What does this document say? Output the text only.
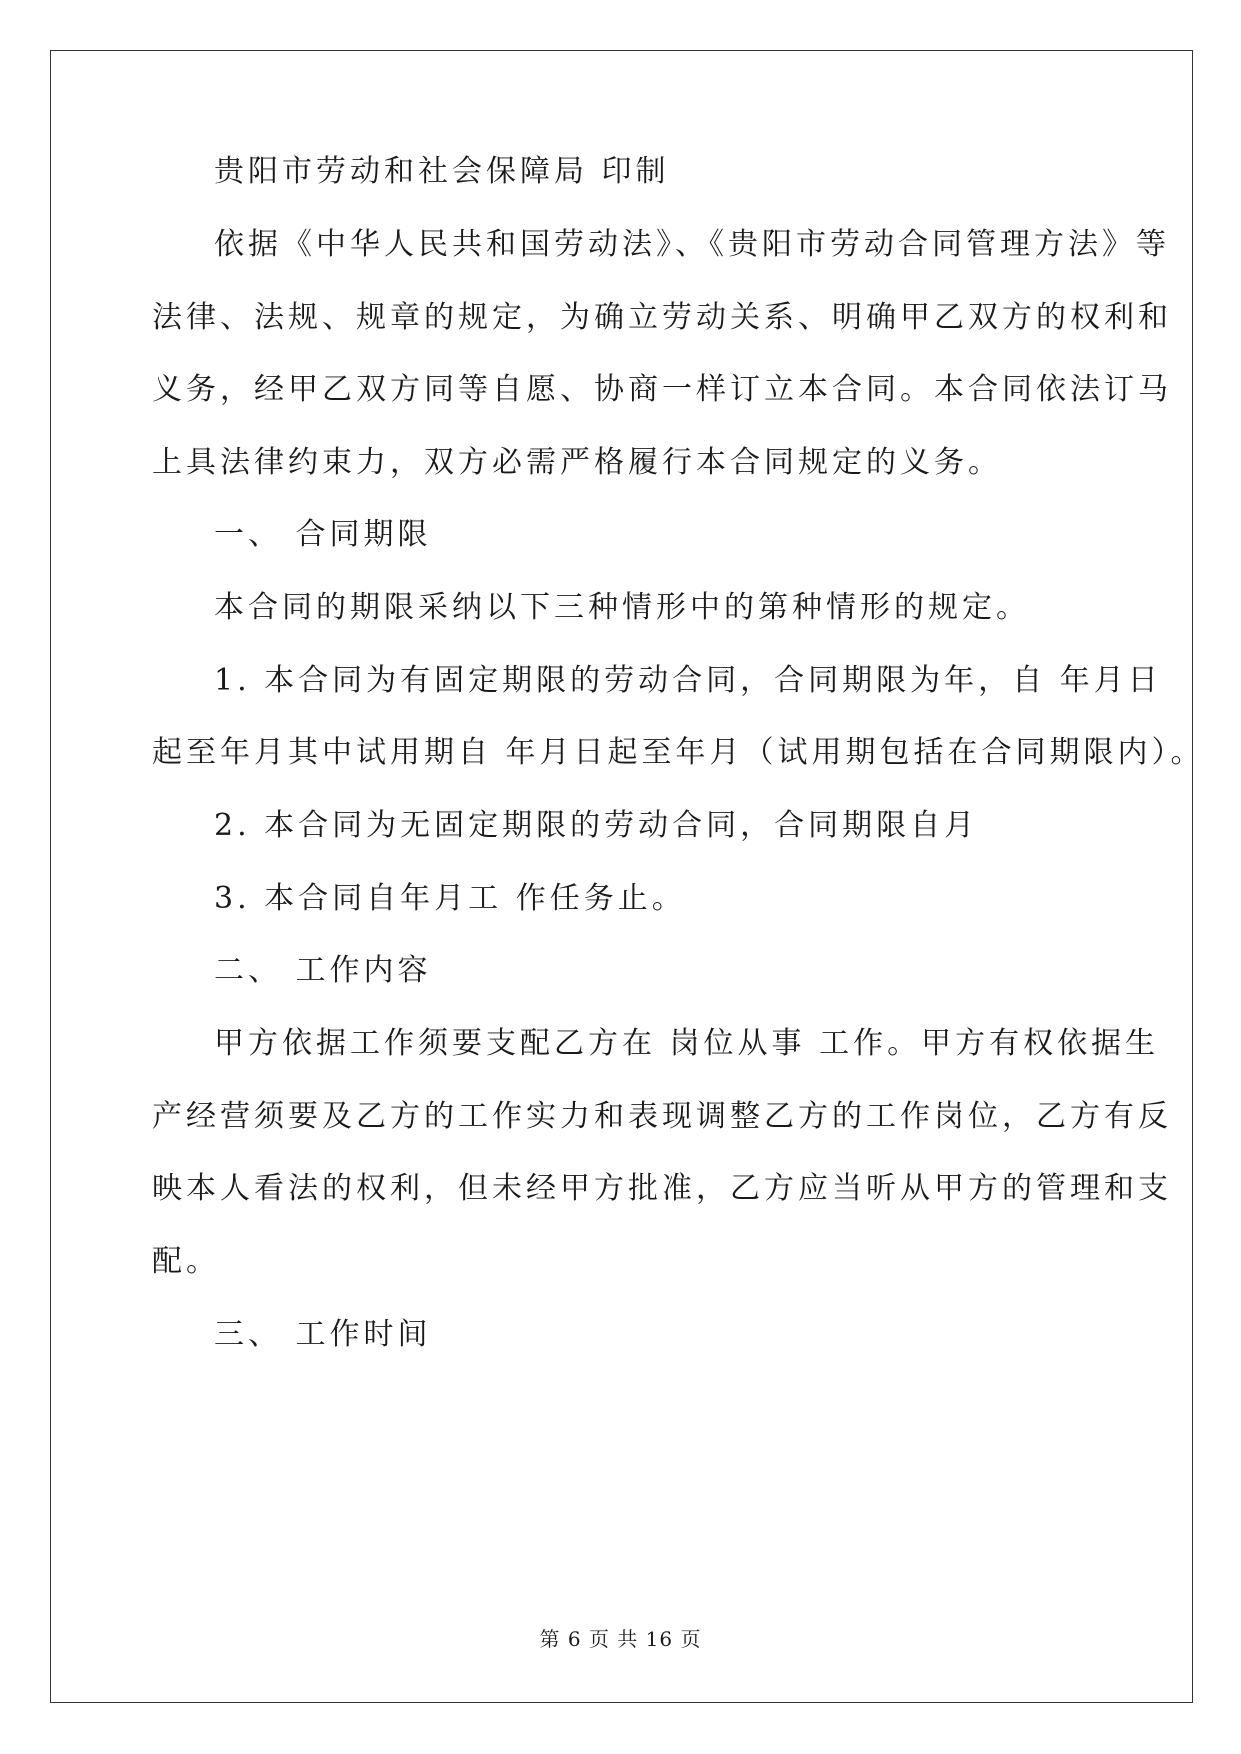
贵阳市劳动和社会保障局 印制
依据《中华人民共和国劳动法》、《贵阳市劳动合同管理方法》等
法律、法规、规章的规定，为确立劳动关系、明确甲乙双方的权利和
义务，经甲乙双方同等自愿、协商一样订立本合同。本合同依法订马
上具法律约束力，双方必需严格履行本合同规定的义务。
一、 合同期限
本合同的期限采纳以下三种情形中的第种情形的规定。
1. 本合同为有固定期限的劳动合同，合同期限为年，自 年月日
起至年月其中试用期自 年月日起至年月（试用期包括在合同期限内）。
2. 本合同为无固定期限的劳动合同，合同期限自月
3. 本合同自年月工 作任务止。
二、 工作内容
甲方依据工作须要支配乙方在 岗位从事 工作。甲方有权依据生
产经营须要及乙方的工作实力和表现调整乙方的工作岗位，乙方有反
映本人看法的权利，但未经甲方批准，乙方应当听从甲方的管理和支
配。
三、 工作时间
第 6 页 共 16 页
